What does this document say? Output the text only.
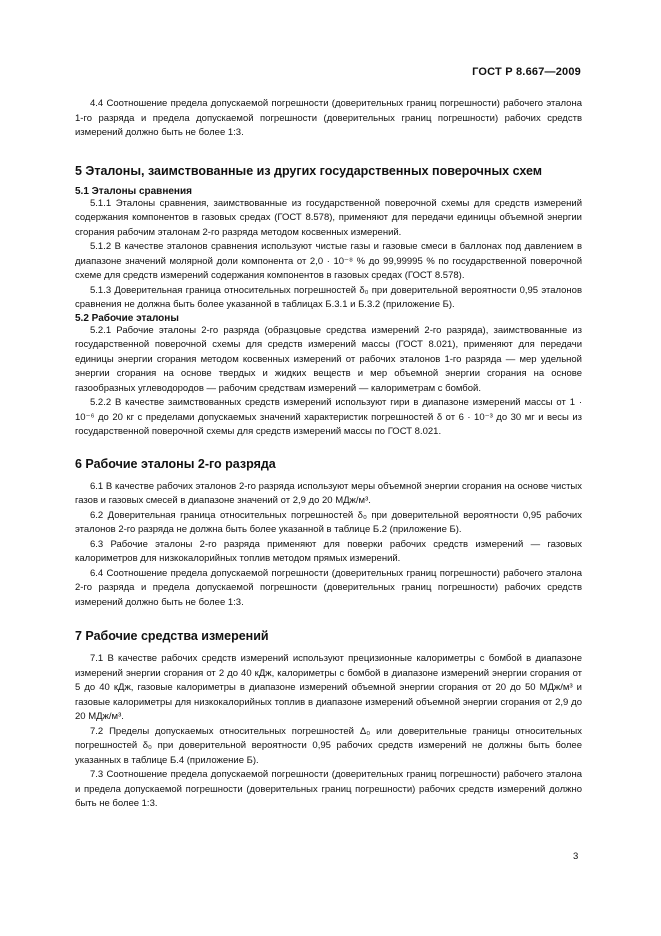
ГОСТ Р 8.667—2009

4.4 Соотношение предела допускаемой погрешности (доверительных границ погрешности) рабочего эталона 1-го разряда и предела допускаемой погрешности (доверительных границ погрешности) рабочих средств измерений должно быть не более 1:3.

5 Эталоны, заимствованные из других государственных поверочных схем
5.1 Эталоны сравнения

5.1.1 Эталоны сравнения, заимствованные из государственной поверочной схемы для средств измерений содержания компонентов в газовых средах (ГОСТ 8.578), применяют для передачи единицы объемной энергии сгорания рабочим эталонам 2-го разряда методом косвенных измерений.

5.1.2 В качестве эталонов сравнения используют чистые газы и газовые смеси в баллонах под давлением в диапазоне значений молярной доли компонента от 2,0 · 10⁻⁸ % до 99,99995 % по государственной поверочной схеме для средств измерений содержания компонентов в газовых средах (ГОСТ 8.578).

5.1.3 Доверительная граница относительных погрешностей δ₀ при доверительной вероятности 0,95 эталонов сравнения не должна быть более указанной в таблицах Б.3.1 и Б.3.2 (приложение Б).

5.2 Рабочие эталоны

5.2.1 Рабочие эталоны 2-го разряда (образцовые средства измерений 2-го разряда), заимствованные из государственной поверочной схемы для средств измерений массы (ГОСТ 8.021), применяют для передачи единицы энергии сгорания методом косвенных измерений от рабочих эталонов 1-го разряда — мер удельной энергии сгорания на основе твердых и жидких веществ и мер объемной энергии сгорания на основе газообразных углеводородов — рабочим средствам измерений — калориметрам с бомбой.

5.2.2 В качестве заимствованных средств измерений используют гири в диапазоне измерений массы от 1 · 10⁻⁶ до 20 кг с пределами допускаемых значений характеристик погрешностей δ от 6 · 10⁻³ до 30 мг и весы из государственной поверочной схемы для средств измерений массы по ГОСТ 8.021.

6 Рабочие эталоны 2-го разряда

6.1 В качестве рабочих эталонов 2-го разряда используют меры объемной энергии сгорания на основе чистых газов и газовых смесей в диапазоне значений от 2,9 до 20 МДж/м³.

6.2 Доверительная граница относительных погрешностей δ₀ при доверительной вероятности 0,95 рабочих эталонов 2-го разряда не должна быть более указанной в таблице Б.2 (приложение Б).

6.3 Рабочие эталоны 2-го разряда применяют для поверки рабочих средств измерений — газовых калориметров для низкокалорийных топлив методом прямых измерений.

6.4 Соотношение предела допускаемой погрешности (доверительных границ погрешности) рабочего эталона 2-го разряда и предела допускаемой погрешности (доверительных границ погрешности) рабочих средств измерений должно быть не более 1:3.

7 Рабочие средства измерений

7.1 В качестве рабочих средств измерений используют прецизионные калориметры с бомбой в диапазоне измерений энергии сгорания от 2 до 40 кДж, калориметры с бомбой в диапазоне измерений энергии сгорания от 5 до 40 кДж, газовые калориметры в диапазоне измерений объемной энергии сгорания от 20 до 50 МДж/м³ и газовые калориметры для низкокалорийных топлив в диапазоне измерений объемной энергии сгорания от 2,9 до 20 МДж/м³.

7.2 Пределы допускаемых относительных погрешностей Δ₀ или доверительные границы относительных погрешностей δ₀ при доверительной вероятности 0,95 рабочих средств измерений не должны быть более указанных в таблице Б.4 (приложение Б).

7.3 Соотношение предела допускаемой погрешности (доверительных границ погрешности) рабочего эталона и предела допускаемой погрешности (доверительных границ погрешности) рабочих средств измерений должно быть не более 1:3.

3
